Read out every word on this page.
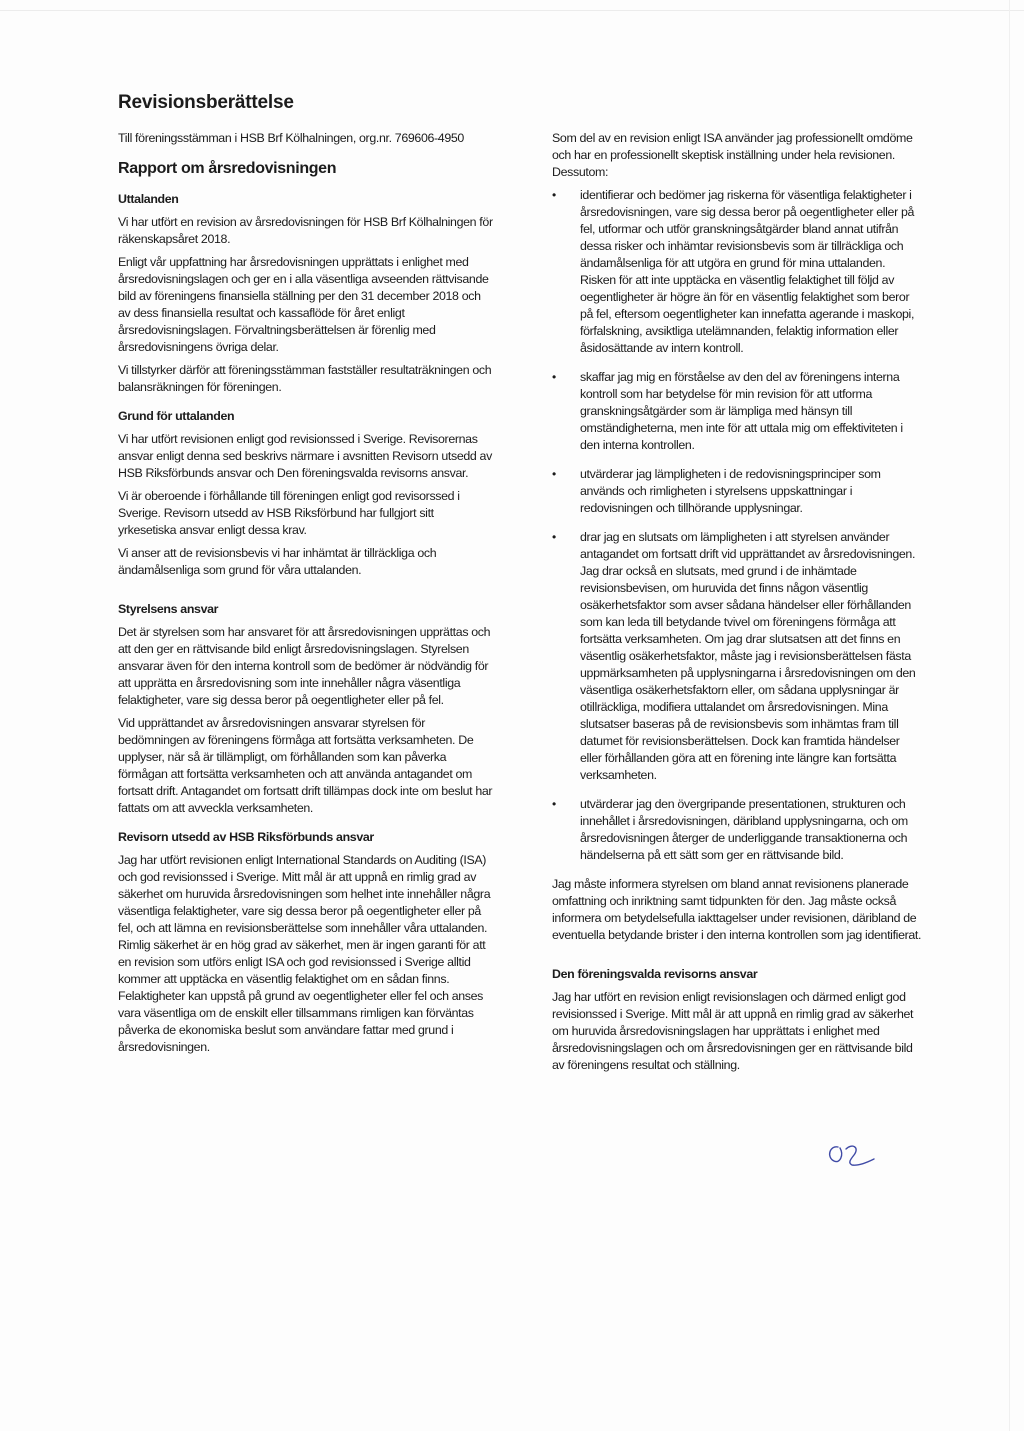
Revisionsberättelse

Till föreningsstämman i HSB Brf Kölhalningen, org.nr. 769606-4950

Rapport om årsredovisningen
Uttalanden

Vi har utfört en revision av årsredovisningen för HSB Brf Kölhalningen för räkenskapsåret 2018.

Enligt vår uppfattning har årsredovisningen upprättats i enlighet med årsredovisningslagen och ger en i alla väsentliga avseenden rättvisande bild av föreningens finansiella ställning per den 31 december 2018 och av dess finansiella resultat och kassaflöde för året enligt årsredovisningslagen. Förvaltningsberättelsen är förenlig med årsredovisningens övriga delar.

Vi tillstyrker därför att föreningsstämman fastställer resultaträkningen och balansräkningen för föreningen.

Grund för uttalanden

Vi har utfört revisionen enligt god revisionssed i Sverige. Revisorernas ansvar enligt denna sed beskrivs närmare i avsnitten Revisorn utsedd av HSB Riksförbunds ansvar och Den föreningsvalda revisorns ansvar.

Vi är oberoende i förhållande till föreningen enligt god revisorssed i Sverige. Revisorn utsedd av HSB Riksförbund har fullgjort sitt yrkesetiska ansvar enligt dessa krav.

Vi anser att de revisionsbevis vi har inhämtat är tillräckliga och ändamålsenliga som grund för våra uttalanden.

Styrelsens ansvar

Det är styrelsen som har ansvaret för att årsredovisningen upprättas och att den ger en rättvisande bild enligt årsredovisningslagen. Styrelsen ansvarar även för den interna kontroll som de bedömer är nödvändig för att upprätta en årsredovisning som inte innehåller några väsentliga felaktigheter, vare sig dessa beror på oegentligheter eller på fel.

Vid upprättandet av årsredovisningen ansvarar styrelsen för bedömningen av föreningens förmåga att fortsätta verksamheten. De upplyser, när så är tillämpligt, om förhållanden som kan påverka förmågan att fortsätta verksamheten och att använda antagandet om fortsatt drift. Antagandet om fortsatt drift tillämpas dock inte om beslut har fattats om att avveckla verksamheten.

Revisorn utsedd av HSB Riksförbunds ansvar

Jag har utfört revisionen enligt International Standards on Auditing (ISA) och god revisionssed i Sverige. Mitt mål är att uppnå en rimlig grad av säkerhet om huruvida årsredovisningen som helhet inte innehåller några väsentliga felaktigheter, vare sig dessa beror på oegentligheter eller på fel, och att lämna en revisionsberättelse som innehåller våra uttalanden. Rimlig säkerhet är en hög grad av säkerhet, men är ingen garanti för att en revision som utförs enligt ISA och god revisionssed i Sverige alltid kommer att upptäcka en väsentlig felaktighet om en sådan finns. Felaktigheter kan uppstå på grund av oegentligheter eller fel och anses vara väsentliga om de enskilt eller tillsammans rimligen kan förväntas påverka de ekonomiska beslut som användare fattar med grund i årsredovisningen.

Som del av en revision enligt ISA använder jag professionellt omdöme och har en professionellt skeptisk inställning under hela revisionen. Dessutom:

• identifierar och bedömer jag riskerna för väsentliga felaktigheter i årsredovisningen, vare sig dessa beror på oegentligheter eller på fel, utformar och utför granskningsåtgärder bland annat utifrån dessa risker och inhämtar revisionsbevis som är tillräckliga och ändamålsenliga för att utgöra en grund för mina uttalanden. Risken för att inte upptäcka en väsentlig felaktighet till följd av oegentligheter är högre än för en väsentlig felaktighet som beror på fel, eftersom oegentligheter kan innefatta agerande i maskopi, förfalskning, avsiktliga utelämnanden, felaktig information eller åsidosättande av intern kontroll.
• skaffar jag mig en förståelse av den del av föreningens interna kontroll som har betydelse för min revision för att utforma granskningsåtgärder som är lämpliga med hänsyn till omständigheterna, men inte för att uttala mig om effektiviteten i den interna kontrollen.
• utvärderar jag lämpligheten i de redovisningsprinciper som används och rimligheten i styrelsens uppskattningar i redovisningen och tillhörande upplysningar.
• drar jag en slutsats om lämpligheten i att styrelsen använder antagandet om fortsatt drift vid upprättandet av årsredovisningen. Jag drar också en slutsats, med grund i de inhämtade revisionsbevisen, om huruvida det finns någon väsentlig osäkerhetsfaktor som avser sådana händelser eller förhållanden som kan leda till betydande tvivel om föreningens förmåga att fortsätta verksamheten. Om jag drar slutsatsen att det finns en väsentlig osäkerhetsfaktor, måste jag i revisionsberättelsen fästa uppmärksamheten på upplysningarna i årsredovisningen om den väsentliga osäkerhetsfaktorn eller, om sådana upplysningar är otillräckliga, modifiera uttalandet om årsredovisningen. Mina slutsatser baseras på de revisionsbevis som inhämtas fram till datumet för revisionsberättelsen. Dock kan framtida händelser eller förhållanden göra att en förening inte längre kan fortsätta verksamheten.
• utvärderar jag den övergripande presentationen, strukturen och innehållet i årsredovisningen, däribland upplysningarna, och om årsredovisningen återger de underliggande transaktionerna och händelserna på ett sätt som ger en rättvisande bild.

Jag måste informera styrelsen om bland annat revisionens planerade omfattning och inriktning samt tidpunkten för den. Jag måste också informera om betydelsefulla iakttagelser under revisionen, däribland de eventuella betydande brister i den interna kontrollen som jag identifierat.

Den föreningsvalda revisorns ansvar

Jag har utfört en revision enligt revisionslagen och därmed enligt god revisionssed i Sverige. Mitt mål är att uppnå en rimlig grad av säkerhet om huruvida årsredovisningslagen har upprättats i enlighet med årsredovisningslagen och om årsredovisningen ger en rättvisande bild av föreningens resultat och ställning.
